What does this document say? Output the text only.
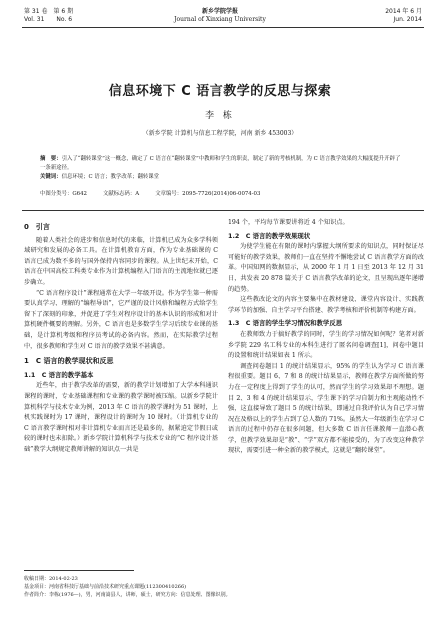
第 31 卷　第 6 期
Vol. 31　　No. 6
新乡学院学报
Journal of Xinxiang University
2014 年 6 月
Jun. 2014
信息环境下 C 语言教学的反思与探索
李 栋
（新乡学院 计算机与信息工程学院，河南 新乡 453003）
摘　要：引入了“翻转课堂”这一概念，确定了 C 语言在“翻转课堂”中教师和学生的职责，制定了新的考核机制，为 C 语言教学效果的大幅度提升开辟了一条新途径。
关键词：信息环境；C 语言；教学改革；翻转课堂
中图分类号：G642	文献标志码：A	文章编号：2095-7726(2014)06-0074-03
0　引言

随着人类社会的进步和信息时代的来临，计算机已成为众多学科领域研究和发展的必备工具。在计算机教育方面，作为专业基础课的 C 语言已成为数不多的与国外保持内容同步的课程。从上世纪末开始，C 语言在中国高校工科类专业作为计算机编程入门语言的主流地位就已逐步确立。

“C 语言程序设计”课程通常在大学一年级开设。作为学生第一种需要认真学习、理解的“编程导语”，它严谨的设计风格和编程方式给学生留下了深刻的印象，并促进了学生对程序设计的基本认识的形成和对计算机硬件概要的理解。另外，C 语言也是多数学生学习后续专业课的基础，是计算机考级和程序员考试的必备内容。然而，在实际教学过程中，很多教师和学生对 C 语言的教学效果不甚满意。

1　C 语言的教学现状和反思
1.1　C 语言的教学基本

近些年，由于教学改革的需要，新的教学计划增加了大学本科通识课程的课时，专业基础课程和专业课的教学课时被压缩。以新乡学院计算机科学与技术专业为例，2013 年 C 语言的教学课时为 51 课时，上机实践课时为 17 课时，课程设计的课时为 10 课时。（计算机专业的 C 语言教学课时相对非计算机专业而言还是最多的，据紧迫定节假日或较的课时也未扣除。）新乡学院计算机科学与技术专业的“C 程序设计基础”教学大纲规定教师讲解的知识点一共是

194 个，平均每节课要讲将近 4 个知识点。

1.2　C 语言的教学效果现状

为使学生能在有限的课时内掌握大纲所要求的知识点，同时保证尽可能好的教学效果，教师们一直在坚持不懈地尝试 C 语言教学方面的改革。中国知网的数据显示，从 2000 年 1 月 1 日至 2013 年 12 月 31 日，共发表 20 878 篇关于 C 语言教学改革的论文，且呈现出逐年递增的趋势。

这些教改论文的内容主要集中在教材建设、课堂内容设计、实践教学环节的加强、自主学习平台搭建、教学考核和评价机制等构建方面。

1.3　C 语言的学生学习情况和教学反思

在教师致力于搞好教学的同时，学生的学习情况如何呢？笔者对新乡学院 229 名工科专业的本科生进行了匿名问卷调查[1]，问卷中题目的设置和统计结果如表 1 所示。

调查问卷题目 1 的统计结果显示，95% 的学生认为学习 C 语言课程很重要。题目 6、7 和 8 的统计结果显示，教师在教学方面所做的努力在一定程度上得到了学生的认可，然而学生的学习效果却不理想。题目 2、3 和 4 的统计结果显示，学生课下的学习自制力和主观能动性不强，这直接导致了题目 5 的统计结果，即通过自我评价认为自己学习情况在及格以上的学生占到了总人数的 71%。虽然大一年级新生在学习 C 语言的过程中仍存在很多问题，但大多数 C 语言任课教师一直潜心教学，但教学效果却是“教”、“学”双方都不能接受的，为了改变这种教学现状，需要引进一种全新的教学模式，这就是“翻转课堂”。

收稿日期：2014-02-23
基金项目：河南省科技厅基础与前沿技术研究重点课题(112300410266)
作者简介：李栋(1976—)，男，河南嵩县人，讲师，硕士，研究方向：信息处理、图像识别。
